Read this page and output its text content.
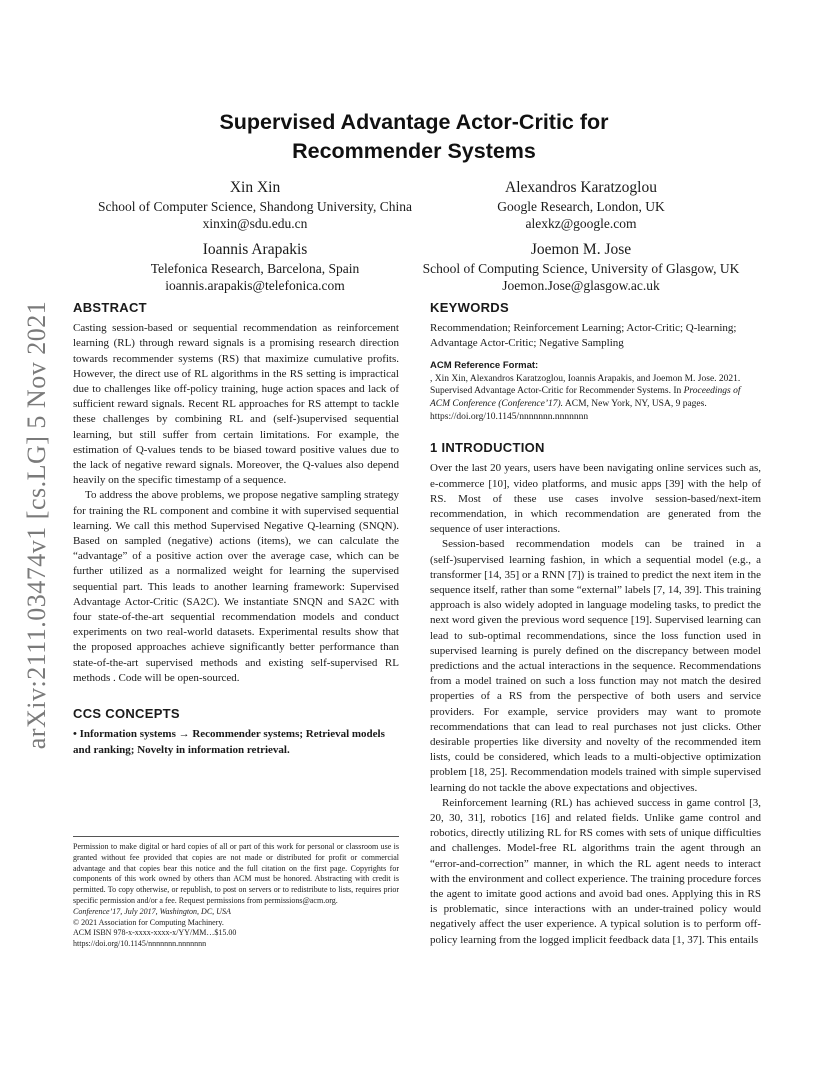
arXiv:2111.03474v1 [cs.LG] 5 Nov 2021
Supervised Advantage Actor-Critic for
Recommender Systems
Xin Xin
School of Computer Science, Shandong University, China
xinxin@sdu.edu.cn
Alexandros Karatzoglou
Google Research, London, UK
alexkz@google.com
Ioannis Arapakis
Telefonica Research, Barcelona, Spain
ioannis.arapakis@telefonica.com
Joemon M. Jose
School of Computing Science, University of Glasgow, UK
Joemon.Jose@glasgow.ac.uk
ABSTRACT

Casting session-based or sequential recommendation as reinforcement learning (RL) through reward signals is a promising research direction towards recommender systems (RS) that maximize cumulative profits. However, the direct use of RL algorithms in the RS setting is impractical due to challenges like off-policy training, huge action spaces and lack of sufficient reward signals. Recent RL approaches for RS attempt to tackle these challenges by combining RL and (self-)supervised sequential learning, but still suffer from certain limitations. For example, the estimation of Q-values tends to be biased toward positive values due to the lack of negative reward signals. Moreover, the Q-values also depend heavily on the specific timestamp of a sequence.

To address the above problems, we propose negative sampling strategy for training the RL component and combine it with supervised sequential learning. We call this method Supervised Negative Q-learning (SNQN). Based on sampled (negative) actions (items), we can calculate the “advantage” of a positive action over the average case, which can be further utilized as a normalized weight for learning the supervised sequential part. This leads to another learning framework: Supervised Advantage Actor-Critic (SA2C). We instantiate SNQN and SA2C with four state-of-the-art sequential recommendation models and conduct experiments on two real-world datasets. Experimental results show that the proposed approaches achieve significantly better performance than state-of-the-art supervised methods and existing self-supervised RL methods . Code will be open-sourced.

CCS CONCEPTS

• Information systems → Recommender systems; Retrieval models and ranking; Novelty in information retrieval.

Permission to make digital or hard copies of all or part of this work for personal or classroom use is granted without fee provided that copies are not made or distributed for profit or commercial advantage and that copies bear this notice and the full citation on the first page. Copyrights for components of this work owned by others than ACM must be honored. Abstracting with credit is permitted. To copy otherwise, or republish, to post on servers or to redistribute to lists, requires prior specific permission and/or a fee. Request permissions from permissions@acm.org.

Conference’17, July 2017, Washington, DC, USA

© 2021 Association for Computing Machinery.

ACM ISBN 978-x-xxxx-xxxx-x/YY/MM…$15.00

https://doi.org/10.1145/nnnnnnn.nnnnnnn

KEYWORDS

Recommendation; Reinforcement Learning; Actor-Critic; Q-learning; Advantage Actor-Critic; Negative Sampling

ACM Reference Format:

, Xin Xin, Alexandros Karatzoglou, Ioannis Arapakis, and Joemon M. Jose. 2021. Supervised Advantage Actor-Critic for Recommender Systems. In Proceedings of ACM Conference (Conference’17). ACM, New York, NY, USA, 9 pages. https://doi.org/10.1145/nnnnnnn.nnnnnnn

1 INTRODUCTION

Over the last 20 years, users have been navigating online services such as, e-commerce [10], video platforms, and music apps [39] with the help of RS. Most of these use cases involve session-based/next-item recommendation, in which recommendation are generated from the sequence of user interactions.

Session-based recommendation models can be trained in a (self-)supervised learning fashion, in which a sequential model (e.g., a transformer [14, 35] or a RNN [7]) is trained to predict the next item in the sequence itself, rather than some “external” labels [7, 14, 39]. This training approach is also widely adopted in language modeling tasks, to predict the next word given the previous word sequence [19]. Supervised learning can lead to sub-optimal recommendations, since the loss function used in supervised learning is purely defined on the discrepancy between model predictions and the actual interactions in the sequence. Recommendations from a model trained on such a loss function may not match the desired properties of a RS from the perspective of both users and service providers. For example, service providers may want to promote recommendations that can lead to real purchases not just clicks. Other desirable properties like diversity and novelty of the recommended item lists, could be considered, which leads to a multi-objective optimization problem [18, 25]. Recommendation models trained with simple supervised learning do not tackle the above expectations and objectives.

Reinforcement learning (RL) has achieved success in game control [3, 20, 30, 31], robotics [16] and related fields. Unlike game control and robotics, directly utilizing RL for RS comes with sets of unique difficulties and challenges. Model-free RL algorithms train the agent through an “error-and-correction” manner, in which the RL agent needs to interact with the environment and collect experience. The training procedure forces the agent to imitate good actions and avoid bad ones. Applying this in RS is problematic, since interactions with an under-trained policy would negatively affect the user experience. A typical solution is to perform off-policy learning from the logged implicit feedback data [1, 37]. This entails
